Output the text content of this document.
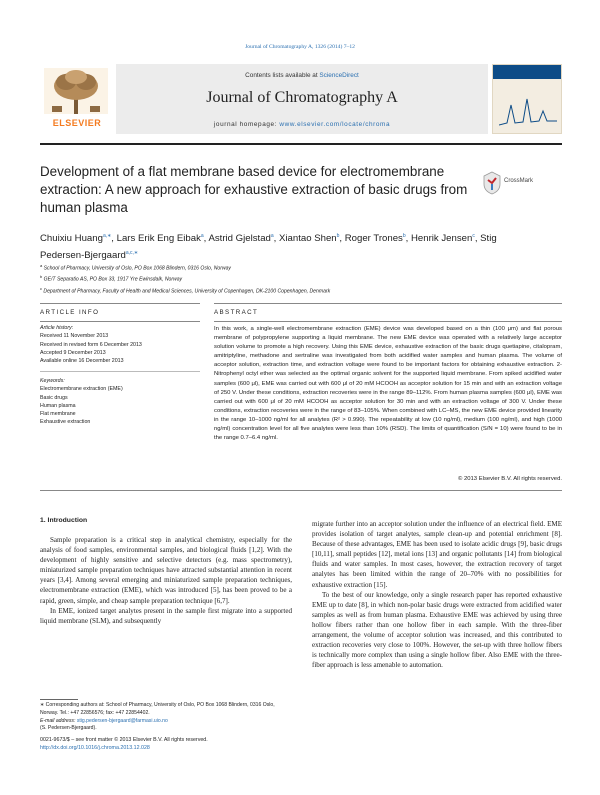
Journal of Chromatography A, 1326 (2014) 7–12
ELSEVIER
Contents lists available at ScienceDirect
Journal of Chromatography A
journal homepage: www.elsevier.com/locate/chroma
Development of a flat membrane based device for electromembrane extraction: A new approach for exhaustive extraction of basic drugs from human plasma
CrossMark
Chuixiu Huang$^{a,∗}$, Lars Erik Eng Eibak$^a$, Astrid Gjelstad$^a$, Xiantao Shen$^b$, Roger Trones$^b$, Henrik Jensen$^c$, Stig Pedersen-Bjergaard$^{a,c,∗}$
$^a$ School of Pharmacy, University of Oslo, PO Box 1068 Blindern, 0316 Oslo, Norway
$^b$ GE/T Separatio AS, PO Box 33, 1917 Yre Ewinsdalk, Norway
$^c$ Department of Pharmacy, Faculty of Health and Medical Sciences, University of Copenhagen, DK-2100 Copenhagen, Denmark
ARTICLE INFO
Article history:
Received 11 November 2013
Received in revised form 6 December 2013
Accepted 9 December 2013
Available online 16 December 2013
Keywords:
Electromembrane extraction (EME)
Basic drugs
Human plasma
Flat membrane
Exhaustive extraction
ABSTRACT

In this work, a single-well electromembrane extraction (EME) device was developed based on a thin (100 μm) and flat porous membrane of polypropylene supporting a liquid membrane. The new EME device was operated with a relatively large acceptor solution volume to promote a high recovery. Using this EME device, exhaustive extraction of the basic drugs quetiapine, citalopram, amitriptyline, methadone and sertraline was investigated from both acidified water samples and human plasma. The volume of acceptor solution, extraction time, and extraction voltage were found to be important factors for obtaining exhaustive extraction. 2-Nitrophenyl octyl ether was selected as the optimal organic solvent for the supported liquid membrane. From spiked acidified water samples (600 μl), EME was carried out with 600 μl of 20 mM HCOOH as acceptor solution for 15 min and with an extraction voltage of 250 V. Under these conditions, extraction recoveries were in the range 89–112%. From human plasma samples (600 μl), EME was carried out with 600 μl of 20 mM HCOOH as acceptor solution for 30 min and with an extraction voltage of 300 V. Under these conditions, extraction recoveries were in the range of 83–105%. When combined with LC–MS, the new EME device provided linearity in the range 10–1000 ng/ml for all analytes (R² > 0.990). The repeatability at low (10 ng/ml), medium (100 ng/ml), and high (1000 ng/ml) concentration level for all five analytes were less than 10% (RSD). The limits of quantification (S/N = 10) were found to be in the range 0.7–6.4 ng/ml.

© 2013 Elsevier B.V. All rights reserved.
1. Introduction

Sample preparation is a critical step in analytical chemistry, especially for the analysis of food samples, environmental samples, and biological fluids [1,2]. With the development of highly sensitive and selective detectors (e.g. mass spectrometry), miniaturized sample preparation techniques have attracted substantial attention in recent years [3,4]. Among several emerging and miniaturized sample preparation techniques, electromembrane extraction (EME), which was introduced [5], has been proved to be a rapid, green, simple, and cheap sample preparation technique [6,7].

In EME, ionized target analytes present in the sample first migrate into a supported liquid membrane (SLM), and subsequently

migrate further into an acceptor solution under the influence of an electrical field. EME provides isolation of target analytes, sample clean-up and potential enrichment [8]. Because of these advantages, EME has been used to isolate acidic drugs [9], basic drugs [10,11], small peptides [12], metal ions [13] and organic pollutants [14] from biological fluids and water samples. In most cases, however, the extraction recovery of target analytes has been limited within the range of 20–70% with no possibilities for exhaustive extraction [15].

To the best of our knowledge, only a single research paper has reported exhaustive EME up to date [8], in which non-polar basic drugs were extracted from acidified water samples as well as from human plasma. Exhaustive EME was achieved by using three hollow fibers rather than one hollow fiber in each sample. With the three-fiber arrangement, the volume of acceptor solution was increased, and this contributed to extraction recoveries very close to 100%. However, the set-up with three hollow fibers is technically more complex than using a single hollow fiber. Also EME with the three-fiber approach is less amenable to automation.

∗ Corresponding authors at: School of Pharmacy, University of Oslo, PO Box 1068 Blindern, 0316 Oslo, Norway. Tel.: +47 22856576; fax: +47 22854402.
E-mail address: stig.pedersen-bjergaard@farmasi.uio.no
(S. Pedersen-Bjergaard).
0021-9673/$ – see front matter © 2013 Elsevier B.V. All rights reserved.
http://dx.doi.org/10.1016/j.chroma.2013.12.028
